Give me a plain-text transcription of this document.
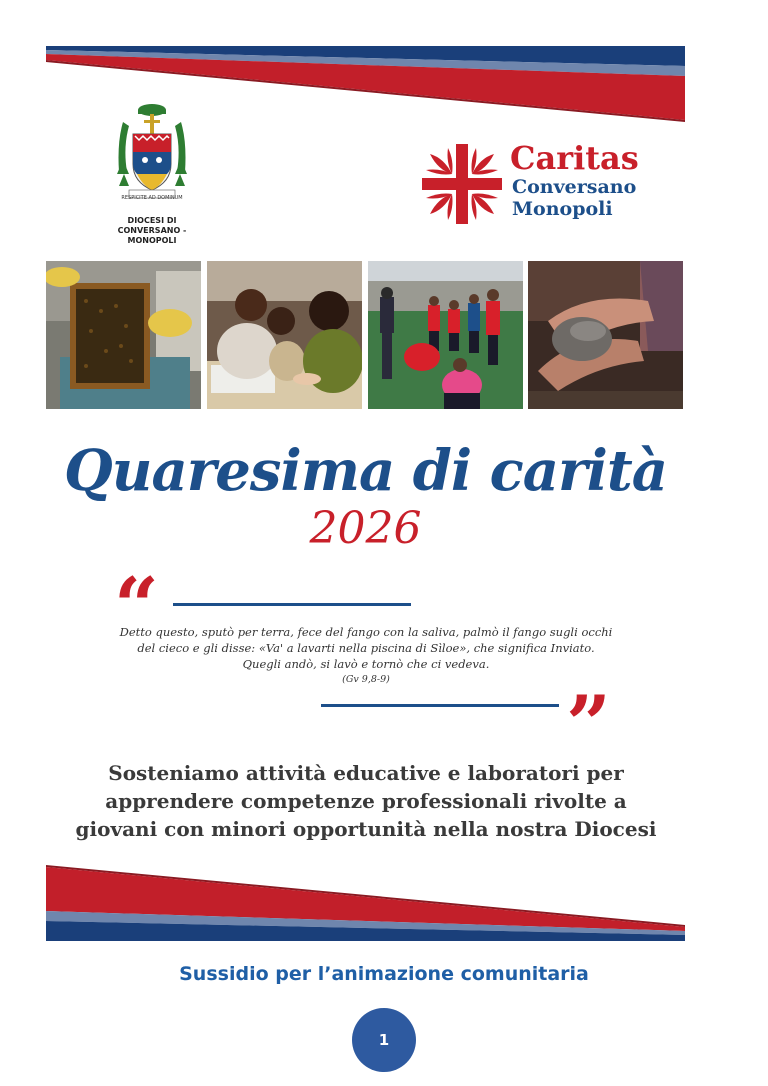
RESPICITE AD DOMINUM
DIOCESI DI
CONVERSANO - MONOPOLI
Caritas
Conversano
Monopoli
Quaresima di carità
2026
“
Detto questo, sputò per terra, fece del fango con la saliva, palmò il fango sugli occhi
del cieco e gli disse: «Va' a lavarti nella piscina di Sìloe», che significa Inviato.
Quegli andò, si lavò e tornò che ci vedeva.
(Gv 9,8-9)	”
Sosteniamo attività educative e laboratori per
apprendere competenze professionali rivolte a
giovani con minori opportunità nella nostra Diocesi
Sussidio per l’animazione comunitaria
1
